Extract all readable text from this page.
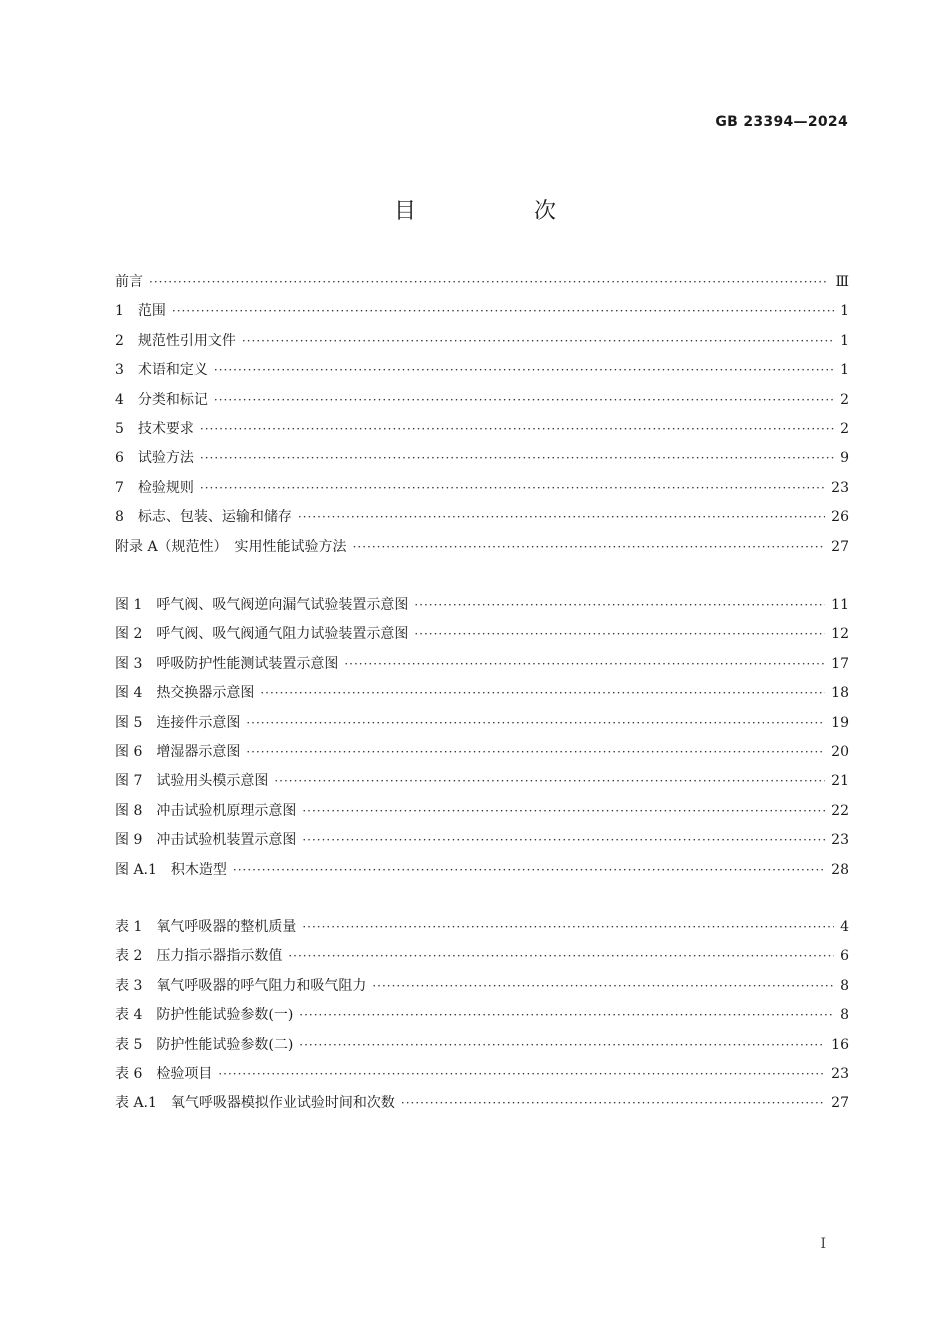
GB 23394—2024
目　次
前言 ·····	Ⅲ
1　范围 ·····	1
2　规范性引用文件 ·····	1
3　术语和定义 ·····	1
4　分类和标记 ·····	2
5　技术要求 ·····	2
6　试验方法 ·····	9
7　检验规则 ·····	23
8　标志、包装、运输和储存 ·····	26
附录 A（规范性）　实用性能试验方法 ·····	27
图 1　呼气阀、吸气阀逆向漏气试验装置示意图 ·····	11
图 2　呼气阀、吸气阀通气阻力试验装置示意图 ·····	12
图 3　呼吸防护性能测试装置示意图 ·····	17
图 4　热交换器示意图 ·····	18
图 5　连接件示意图 ·····	19
图 6　增湿器示意图 ·····	20
图 7　试验用头模示意图 ·····	21
图 8　冲击试验机原理示意图 ·····	22
图 9　冲击试验机装置示意图 ·····	23
图 A.1　积木造型 ·····	28
表 1　氧气呼吸器的整机质量 ·····	4
表 2　压力指示器指示数值 ·····	6
表 3　氧气呼吸器的呼气阻力和吸气阻力 ·····	8
表 4　防护性能试验参数(一) ·····	8
表 5　防护性能试验参数(二) ·····	16
表 6　检验项目 ·····	23
表 A.1　氧气呼吸器模拟作业试验时间和次数 ·····	27
Ⅰ
